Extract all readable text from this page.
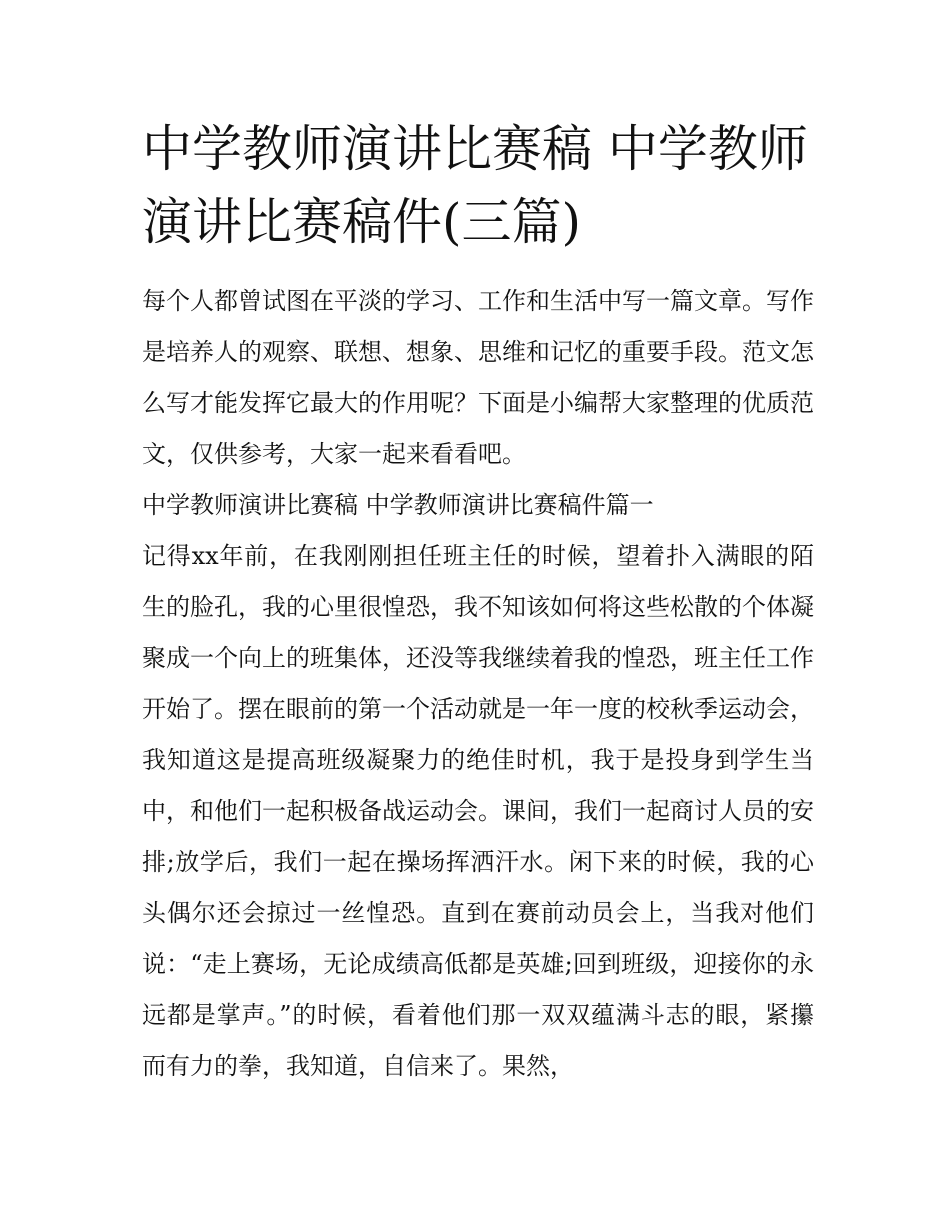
中学教师演讲比赛稿 中学教师演讲比赛稿件(三篇)

每个人都曾试图在平淡的学习、工作和生活中写一篇文章。写作是培养人的观察、联想、想象、思维和记忆的重要手段。范文怎么写才能发挥它最大的作用呢？下面是小编帮大家整理的优质范文，仅供参考，大家一起来看看吧。

中学教师演讲比赛稿 中学教师演讲比赛稿件篇一

记得xx年前，在我刚刚担任班主任的时候，望着扑入满眼的陌生的脸孔，我的心里很惶恐，我不知该如何将这些松散的个体凝聚成一个向上的班集体，还没等我继续着我的惶恐，班主任工作开始了。摆在眼前的第一个活动就是一年一度的校秋季运动会，我知道这是提高班级凝聚力的绝佳时机，我于是投身到学生当中，和他们一起积极备战运动会。课间，我们一起商讨人员的安排;放学后，我们一起在操场挥洒汗水。闲下来的时候，我的心头偶尔还会掠过一丝惶恐。直到在赛前动员会上，当我对他们说：“走上赛场，无论成绩高低都是英雄;回到班级，迎接你的永远都是掌声。”的时候，看着他们那一双双蕴满斗志的眼，紧攥而有力的拳，我知道，自信来了。果然，
